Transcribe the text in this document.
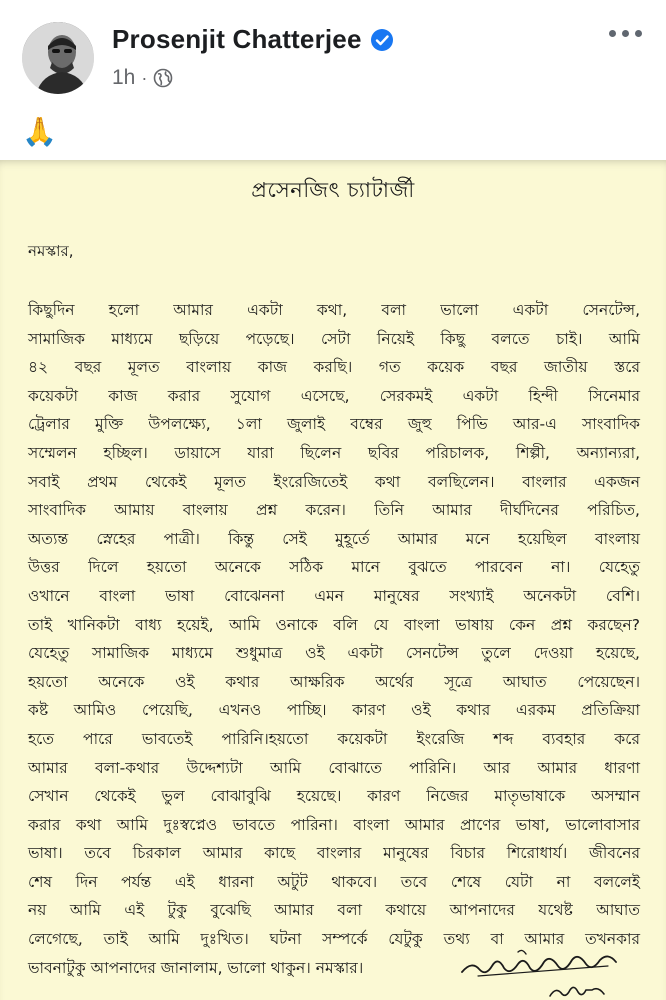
Prosenjit Chatterjee
1h ·
🙏
প্রসেনজিৎ চ্যাটার্জী
নমস্কার,

কিছুদিন হলো আমার একটা কথা, বলা ভালো একটা সেনটেন্স,
সামাজিক মাধ্যমে ছড়িয়ে পড়েছে। সেটা নিয়েই কিছু বলতে চাই। আমি
৪২ বছর মূলত বাংলায় কাজ করছি। গত কয়েক বছর জাতীয় স্তরে
কয়েকটা কাজ করার সুযোগ এসেছে, সেরকমই একটা হিন্দী সিনেমার
ট্রেলার মুক্তি উপলক্ষ্যে, ১লা জুলাই বম্বের জুহু পিভি আর-এ সাংবাদিক
সম্মেলন হচ্ছিল। ডায়াসে যারা ছিলেন ছবির পরিচালক, শিল্পী, অন্যান্যরা,
সবাই প্রথম থেকেই মূলত ইংরেজিতেই কথা বলছিলেন। বাংলার একজন
সাংবাদিক আমায় বাংলায় প্রশ্ন করেন। তিনি আমার দীর্ঘদিনের পরিচিত,
অত্যন্ত স্নেহের পাত্রী। কিন্তু সেই মুহূর্তে আমার মনে হয়েছিল বাংলায়
উত্তর দিলে হয়তো অনেকে সঠিক মানে বুঝতে পারবেন না। যেহেতু
ওখানে বাংলা ভাষা বোঝেননা এমন মানুষের সংখ্যাই অনেকটা বেশি।
তাই খানিকটা বাধ্য হয়েই, আমি ওনাকে বলি যে বাংলা ভাষায় কেন প্রশ্ন করছেন?
যেহেতু সামাজিক মাধ্যমে শুধুমাত্র ওই একটা সেনটেন্স তুলে দেওয়া হয়েছে,
হয়তো অনেকে ওই কথার আক্ষরিক অর্থের সূত্রে আঘাত পেয়েছেন।
কষ্ট আমিও পেয়েছি, এখনও পাচ্ছি। কারণ ওই কথার এরকম প্রতিক্রিয়া
হতে পারে ভাবতেই পারিনি।হয়তো কয়েকটা ইংরেজি শব্দ ব্যবহার করে
আমার বলা-কথার উদ্দেশ্যটা আমি বোঝাতে পারিনি। আর আমার ধারণা
সেখান থেকেই ভুল বোঝাবুঝি হয়েছে। কারণ নিজের মাতৃভাষাকে অসম্মান
করার কথা আমি দুঃস্বপ্নেও ভাবতে পারিনা। বাংলা আমার প্রাণের ভাষা, ভালোবাসার
ভাষা। তবে চিরকাল আমার কাছে বাংলার মানুষের বিচার শিরোধার্য। জীবনের
শেষ দিন পর্যন্ত এই ধারনা অটুট থাকবে। তবে শেষে যেটা না বললেই
নয় আমি এই টুকু বুঝেছি আমার বলা কথায়ে আপনাদের যথেষ্ট আঘাত
লেগেছে, তাই আমি দুঃখিত। ঘটনা সম্পর্কে যেটুকু তথ্য বা আমার তখনকার
ভাবনাটুকু আপনাদের জানালাম, ভালো থাকুন। নমস্কার।
